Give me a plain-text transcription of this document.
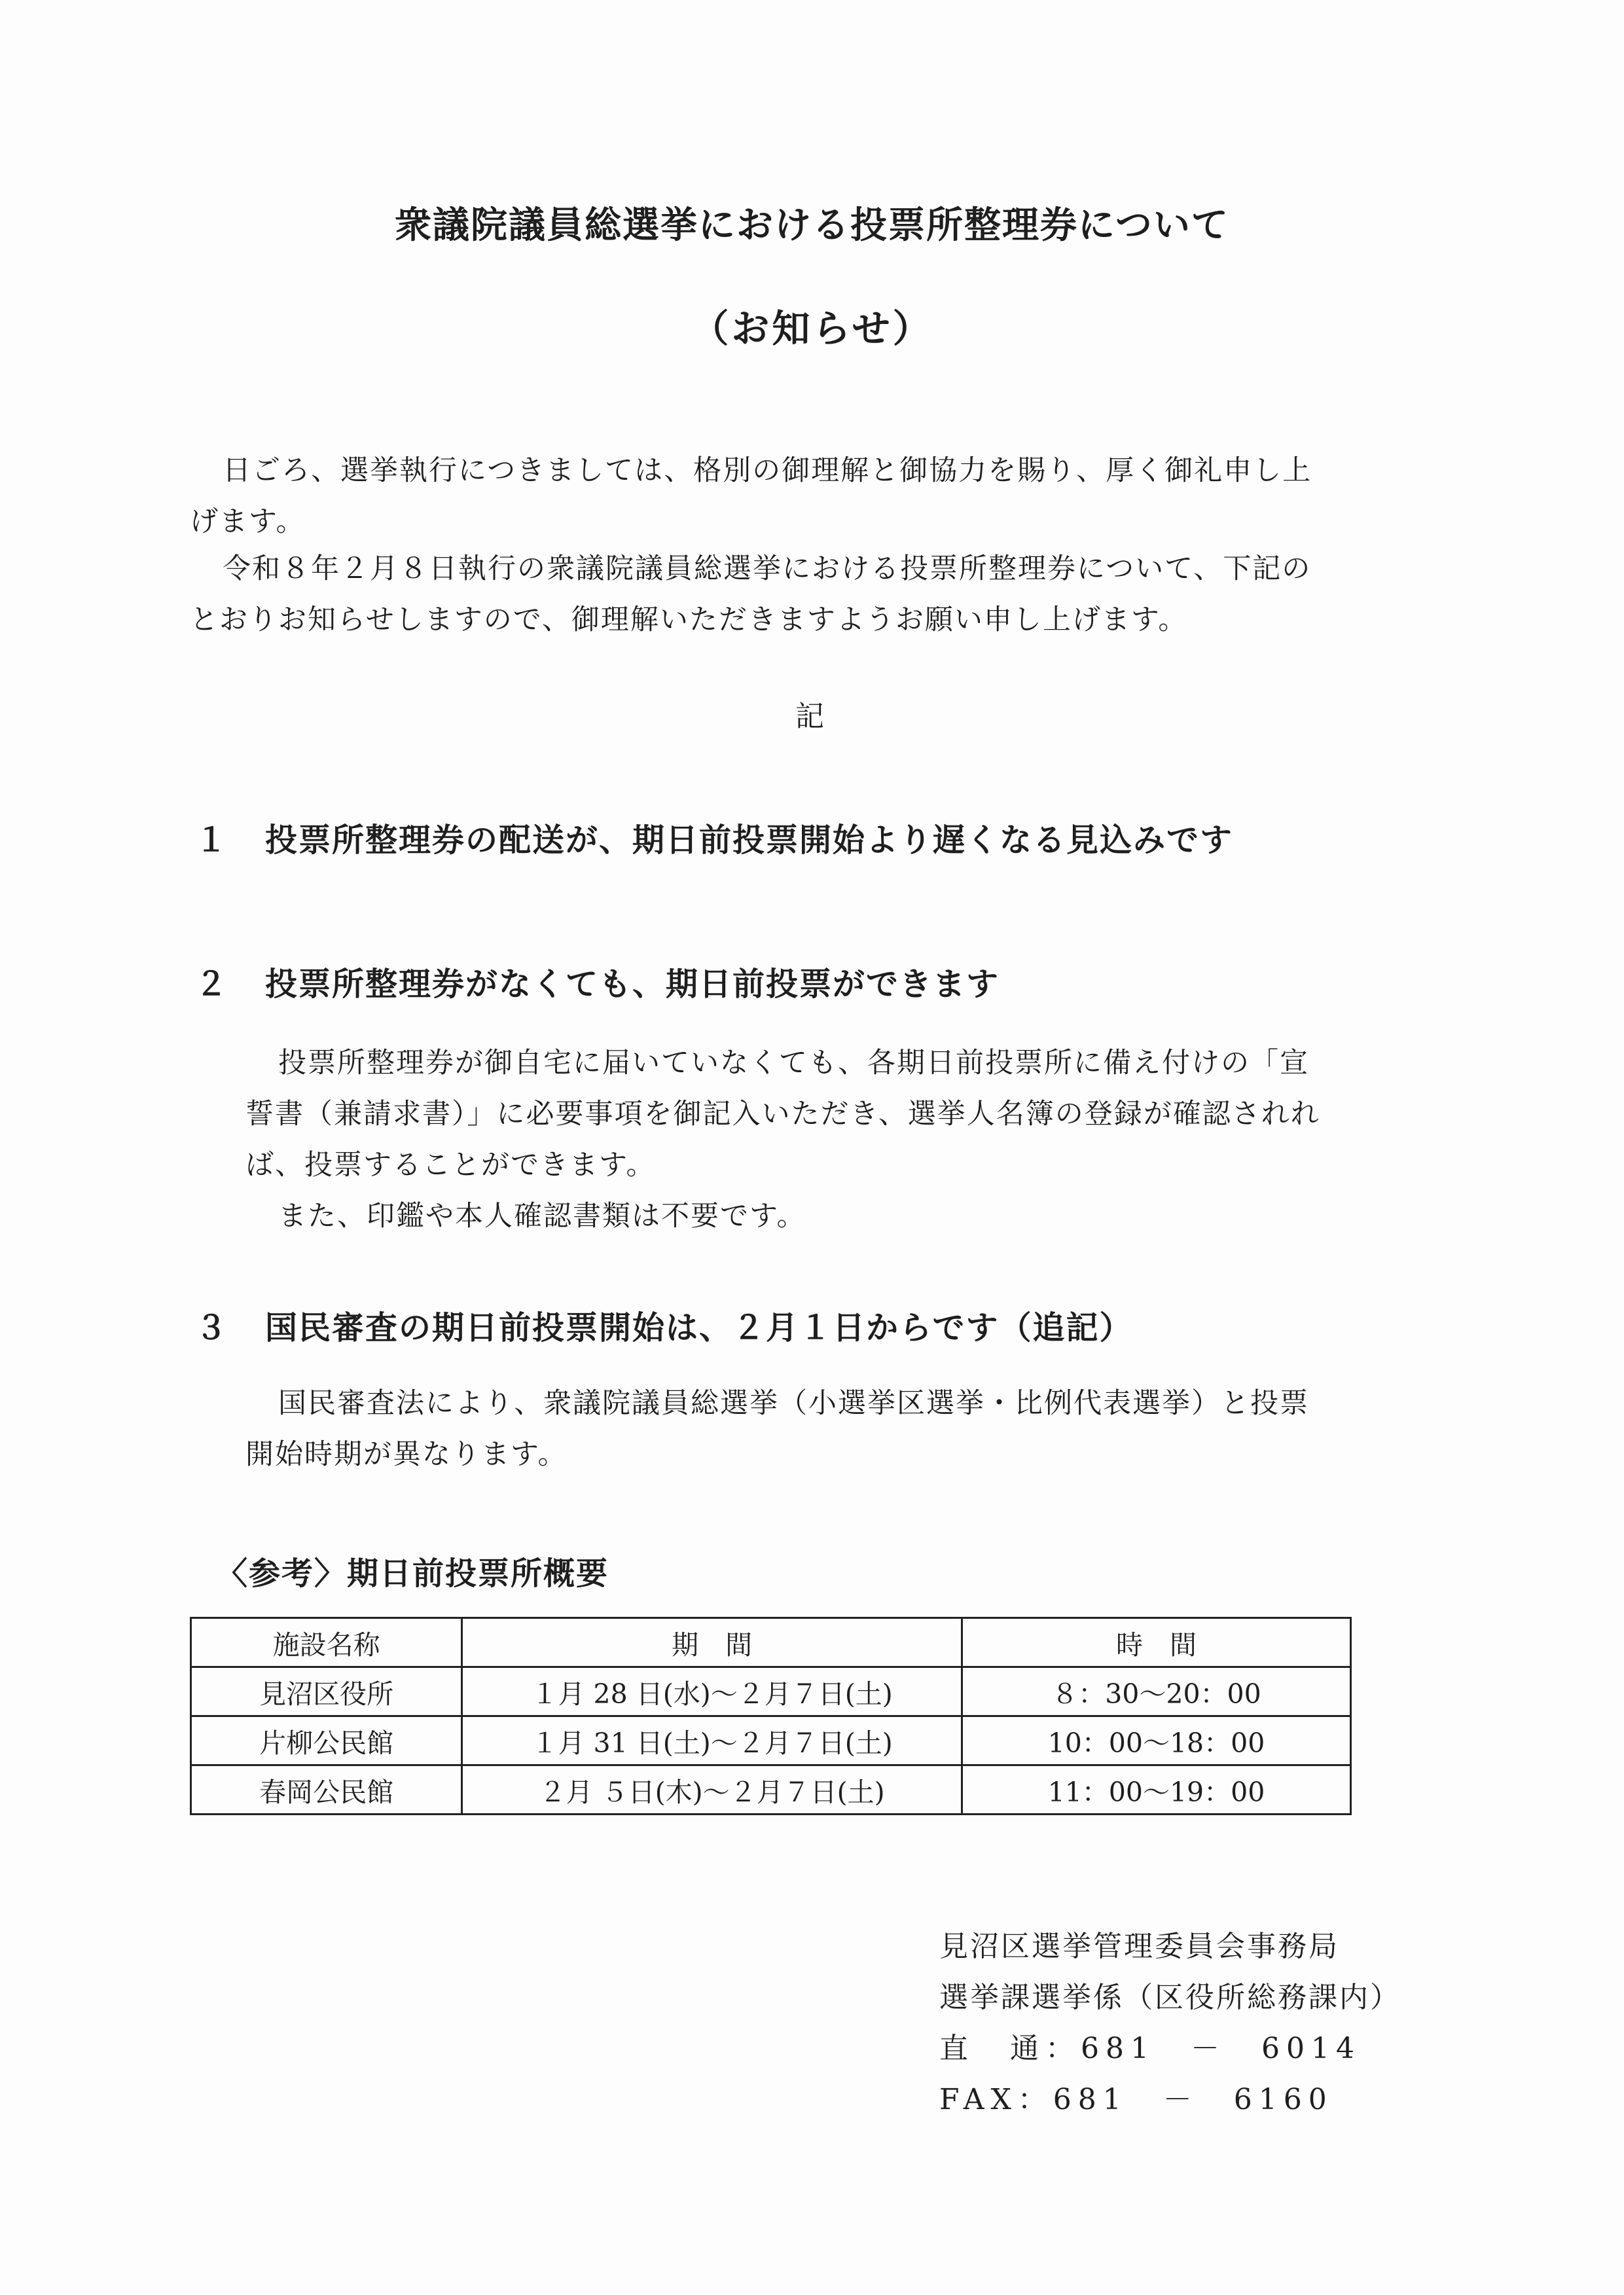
衆議院議員総選挙における投票所整理券について
（お知らせ）
日ごろ、選挙執行につきましては、格別の御理解と御協力を賜り、厚く御礼申し上
げます。
令和８年２月８日執行の衆議院議員総選挙における投票所整理券について、下記の
とおりお知らせしますので、御理解いただきますようお願い申し上げます。
記
１ 投票所整理券の配送が、期日前投票開始より遅くなる見込みです
２ 投票所整理券がなくても、期日前投票ができます
投票所整理券が御自宅に届いていなくても、各期日前投票所に備え付けの「宣
誓書（兼請求書）」に必要事項を御記入いただき、選挙人名簿の登録が確認されれ
ば、投票することができます。
また、印鑑や本人確認書類は不要です。
３ 国民審査の期日前投票開始は、２月１日からです（追記）
国民審査法により、衆議院議員総選挙（小選挙区選挙・比例代表選挙）と投票
開始時期が異なります。
〈参考〉期日前投票所概要
施設名称	期　間	時　間
見沼区役所	１月 28 日(水)～２月７日(土)	８：30～20：00
片柳公民館	１月 31 日(土)～２月７日(土)	10：00～18：00
春岡公民館	２月 ５日(木)～２月７日(土)	11：00～19：00
見沼区選挙管理委員会事務局
選挙課選挙係（区役所総務課内）
直　通：681　－　6014
FAX：681　－　6160
